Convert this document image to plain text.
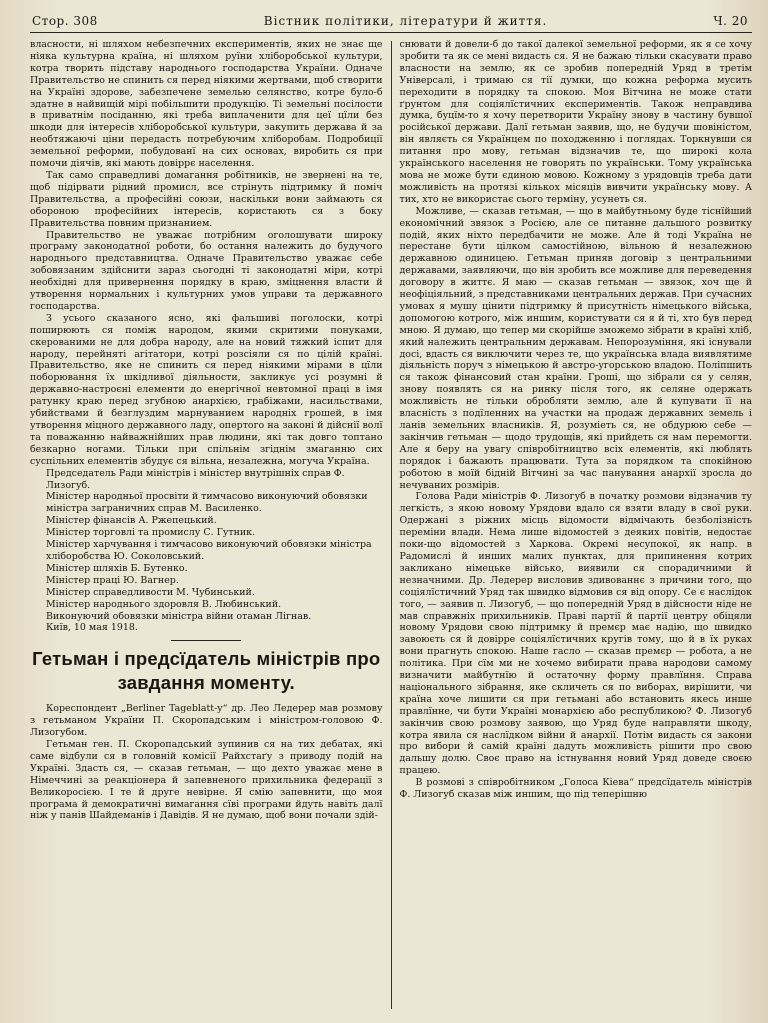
Стор. 308	Вістник політики, літератури й життя.	Ч. 20

власности, ні шляхом небезпечних експериментів, яких не знає ще ніяка культурна країна, ні шляхом руїни хліборобської культури, котра творить підставу народнього господарства України. Одначе Правительство не спинить ся перед ніякими жертвами, щоб створити на Україні здорове, забезпечене земелью селянство, котре було-б здатне в найвищій мірі побільшити продукцію. Ті земельні посілости в приватнім посіданню, які треба виплаченити для цеї цїли без шкоди для інтересів хліборобської культури, закупить держава й за необтяжаючі ціни передасть потребуючим хліборобам. Подробиції земельної реформи, побудованї на сих основах, виробить ся при помочи діячів, які мають довіррє населення.

Так само справедливі домагання робітників, не звернені на те, щоб підірвати рідний промисл, все стрінуть підтримку й поміч Правительства, а професійні союзи, наскільки вони займають ся обороною професійних інтересів, користають ся з боку Правительства повним признанием.

Правительство не уважає потрібним оголошувати широку програму законодатної роботи, бо остання належить до будучого народнього представництва. Одначе Правительство уважає себе зобовязаним здійснити зараз сьогодні ті законодатні міри, котрі необхідні для привернення порядку в краю, зміцнення власти й утворення нормальних і культурних умов управи та державного господарства.

З усього сказаного ясно, які фальшиві поголоски, котрі поширюють ся поміж народом, якими скритими понуками, скерованими не для добра народу, але на новий тяжкий іспит для народу, перейняті агітатори, котрі розсіяли ся по цілій країні. Правительство, яке не спинить ся перед ніякими мірами в цїли поборювання їх шкідливої діяльности, закликує усі розумні й державно-настроєні елементи до енергічної невтомної праці в імя ратунку краю перед згубною анархією, грабіжами, насильствами, убийствами й безглуздим марнуванием народніх грошей, в імя утворення міцного державного ладу, опертого на законі й дійснії волї та поважанню найважнійших прав людини, які так довго топтано безкарно ногами. Тільки при спільнім згіднім змаганню сих суспільних елементів збудує ся вільна, незалежна, могуча Україна.

Председатель Ради міністрів і міністер внутрішніх справ Ф. Лизогуб.
Міністер народньої просвіти й тимчасово виконуючий обовязки міністра заграничних справ М. Василенко.
Міністер фінансів А. Ржепецький.
Міністер торговлі та промислу С. Гутник.
Міністер харчування і тимчасово виконуючий обовязки міністра хліборобства Ю. Соколовський.
Міністер шляхів Б. Бутенко.
Міністер праці Ю. Вагнер.
Міністер справедливости М. Чубинський.
Міністер народнього здоровля В. Любинський.
Виконуючий обовязки міністра війни отаман Лігнав.
Київ, 10 мая 1918.
Гетьман і предсїдатель міністрів про завдання моменту.

Кореспондент „Berliner Tageblatt-y“ др. Лео Ледерер мав розмову з гетьманом України П. Скоропадським і міністром-головою Ф. Лизогубом.

Гетьман ген. П. Скоропадський зупинив ся на тих дебатах, які саме відбули ся в головній комісії Райхстаґу з приводу подій на Україні. Здасть ся, — сказав гетьман, — що дехто уважає мене в Німеччині за реакціонера й запевненого прихильника федерації з Великоросією. І те й друге невірне. Я смію запевнити, що моя програма й демократичні вимагання сїві програми йдуть навіть далї ніж у панів Шайдеманів і Давідів. Я не думаю, щоб вони почали здій-

снювати й довели-б до такої далекої земельної реформи, як я се хочу зробити та як се мені видасть ся. Я не бажаю тільки скасувати право власности на землю, як се зробив попередній Уряд в третім Універсалі, і тримаю ся тії думки, що кожна реформа мусить переходити в порядку та спокою. Моя Вітчина не може стати ґрунтом для соціялїстичних експериментів. Також неправдива думка, буцїм-то я хочу перетворити Україну знову в частину бувшої російської держави. Далї гетьман заявив, що, не будучи шовіністом, він являєть ся Українцем по походженню і поглядах. Торкнувши ся питання про мову, гетьман відзначив те, що широкі кола українського населення не говорять по українськи. Тому українська мова не може бути єдиною мовою. Кожному з урядовців треба дати можливість на протязі кількох місяців вивчити українську мову. А тих, хто не використає сього терміну, усунеть ся.

Можливе, — сказав гетьман, — що в майбутньому буде тіснїйший економічний звязок з Росією, але се питанне дальшого розвитку подій, яких ніхто передбачити не може. Але й тоді Україна не перестане бути цілком самостійною, вільною й незалежною державною одиницею. Гетьман приняв договір з центральними державами, заявляючи, що він зробить все можливе для переведення договору в життє. Я маю — сказав гетьман — звязок, хоч ще й неофіціяльний, з представниками центральних держав. При сучасних умовах я мушу цінити підтримку й присутність німецького війська, допомогою котрого, між иншим, користувати ся я й ті, хто був перед мною. Я думаю, що тепер ми скорійше зможемо зібрати в країні хліб, який належить центральним державам. Непорозуміння, які існували досі, вдасть ся виключити через те, що українська влада виявлятиме діяльність поруч з німецькою й австро-угорською владою. Поліпшить ся також фінансовий стан країни. Гроші, що зібрали ся у селян, знову появлять ся на ринку після того, як селяне одержать можливість не тільки обробляти землю, але й купувати її на власність з подїленних на участки на продаж державних земель і ланів земельних власників. Я, розуміеть ся, не обдурюю себе — закінчив гетьман — щодо трудощів, які прийдеть ся нам перемогти. Але я беру на увагу співробітництво всіх елементів, які люблять порядок і бажають працювати. Тута за порядком та спокійною роботою в моїй бідній Вітчині за час панування анархії зросла до нечуваних розмірів.

Голова Ради міністрів Ф. Лизогуб в початку розмови відзначив ту легкість, з якою новому Урядови вдало ся взяти владу в свої руки. Одержані з ріжних місць відомости відмічають безболізність переміни влади. Нема лише відомостей з деяких повітів, недостає поки-що відомостей з Харкова. Окремі несупокої, як напр. в Радомислі й инших малих пунктах, для припинення котрих закликано німецьке військо, виявили ся спорадичними й незначними. Др. Ледерер висловив здивованнє з причини того, що соціялїстичний Уряд так швидко відмовив ся від опору. Се є наслідок того, — заявив п. Лизогуб, — що попередній Уряд в дійсности ніде не мав справжніх прихильників. Праві партії й партії центру обіцяли новому Урядови свою підтримку й премєр має надію, що швидко завоюєть ся й довірре соціялїстичних кругів тому, що й в їх руках вони прагнуть спокою. Наше гасло — сказав премєр — робота, а не політика. При сїм ми не хочемо вибирати права народови самому визначити майбутнїю й остаточну форму правлїння. Справа національного зібрання, яке скличеть ся по виборах, вирішити, чи країна хоче лишити ся при гетьмані або встановить якесь инше правлїнне, чи бути Україні монархією або республикою? Ф. Лизогуб закінчив свою розмову заявою, що Уряд буде направляти шкоду, котра явила ся наслїдком війни й анархії. Потім видасть ся закони про вибори й самій країні дадуть можливість рішити про свою дальшу долю. Своє право на істнування новий Уряд доведе своєю працею.

В розмові з співробітником „Голоса Кіева“ предсїдатель міністрів Ф. Лизогуб сказав між иншим, що під теперішню
